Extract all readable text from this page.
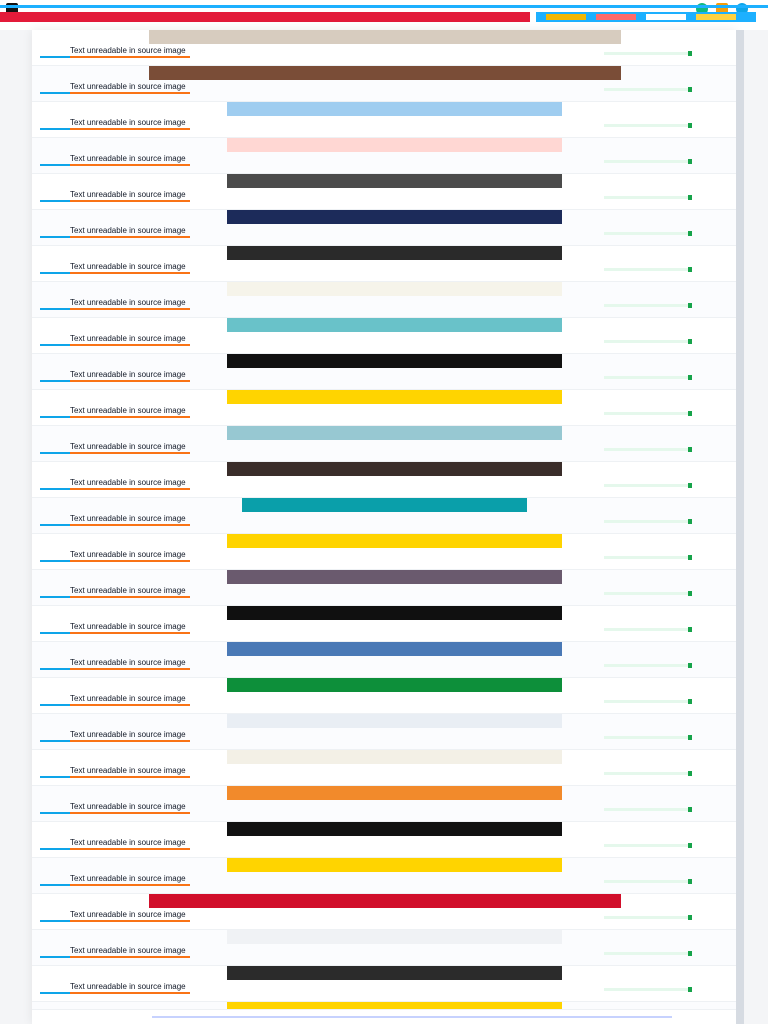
Text unreadable in source image
Text unreadable in source image
Text unreadable in source image
Text unreadable in source image
Text unreadable in source image
Text unreadable in source image
Text unreadable in source image
Text unreadable in source image
Text unreadable in source image
Text unreadable in source image
Text unreadable in source image
Text unreadable in source image
Text unreadable in source image
Text unreadable in source image
Text unreadable in source image
Text unreadable in source image
Text unreadable in source image
Text unreadable in source image
Text unreadable in source image
Text unreadable in source image
Text unreadable in source image
Text unreadable in source image
Text unreadable in source image
Text unreadable in source image
Text unreadable in source image
Text unreadable in source image
Text unreadable in source image
